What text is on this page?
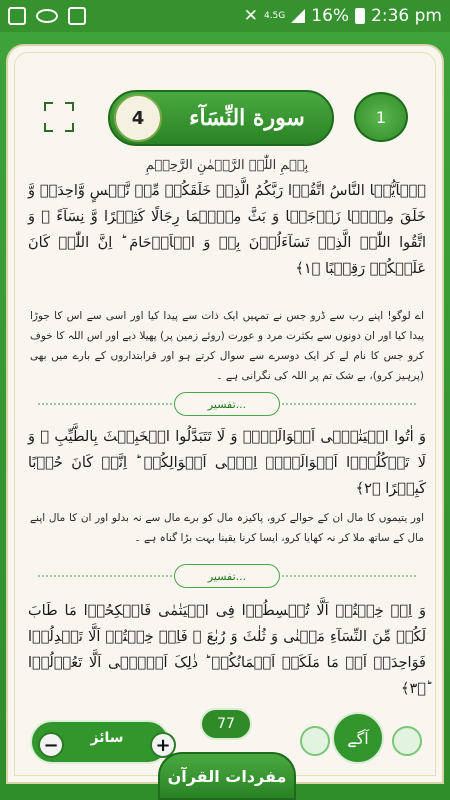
✕ 4.5G 16% 2:36 pm
4	سورة النِّسَآء	1
بِسۡمِ اللّٰہِ الرَّحۡمٰنِ الرَّحِیۡمِ
یٰۤاَیُّہَا النَّاسُ اتَّقُوۡا رَبَّکُمُ الَّذِیۡ خَلَقَکُمۡ مِّنۡ نَّفۡسٍ وَّاحِدَۃٍ وَّ خَلَقَ مِنۡہَا زَوۡجَہَا وَ بَثَّ مِنۡہُمَا رِجَالًا کَثِیۡرًا وَّ نِسَآءً ۚ وَ اتَّقُوا اللّٰہَ الَّذِیۡ تَسَآءَلُوۡنَ بِہٖ وَ الۡاَرۡحَامَ ؕ اِنَّ اللّٰہَ کَانَ عَلَیۡکُمۡ رَقِیۡبًا ﴿۱﴾
اے لوگو! اپنے رب سے ڈرو جس نے تمہیں ایک ذات سے پیدا کیا اور اسی سے اس کا جوڑا پیدا کیا اور ان دونوں سے بکثرت مرد و عورت (روئے زمین پر) پھیلا دیے اور اس اللہ کا خوف کرو جس کا نام لے کر ایک دوسرے سے سوال کرتے ہو اور قرابتداروں کے بارے میں بھی (پرہیز کرو)، بے شک تم پر اللہ کی نگرانی ہے ۔
تفسیر...
وَ اٰتُوا الۡیَتٰمٰۤی اَمۡوَالَہُمۡ وَ لَا تَتَبَدَّلُوا الۡخَبِیۡثَ بِالطَّیِّبِ ۪ وَ لَا تَاۡکُلُوۡۤا اَمۡوَالَہُمۡ اِلٰۤی اَمۡوَالِکُمۡ ؕ اِنَّہٗ کَانَ حُوۡبًا کَبِیۡرًا ﴿۲﴾
اور یتیموں کا مال ان کے حوالے کرو، پاکیزہ مال کو برے مال سے نہ بدلو اور ان کا مال اپنے مال کے ساتھ ملا کر نہ کھایا کرو، ایسا کرنا یقینا بہت بڑا گناہ ہے ۔
تفسیر...
وَ اِنۡ خِفۡتُمۡ اَلَّا تُقۡسِطُوۡا فِی الۡیَتٰمٰی فَانۡکِحُوۡا مَا طَابَ لَکُمۡ مِّنَ النِّسَآءِ مَثۡنٰی وَ ثُلٰثَ وَ رُبٰعَ ۚ فَاِنۡ خِفۡتُمۡ اَلَّا تَعۡدِلُوۡا فَوَاحِدَۃً اَوۡ مَا مَلَکَتۡ اَیۡمَانُکُمۡ ؕ ذٰلِکَ اَدۡنٰۤی اَلَّا تَعُوۡلُوۡا ؕ﴿۳﴾
−	سائز	+
77
آگے
مفردات القرآن
